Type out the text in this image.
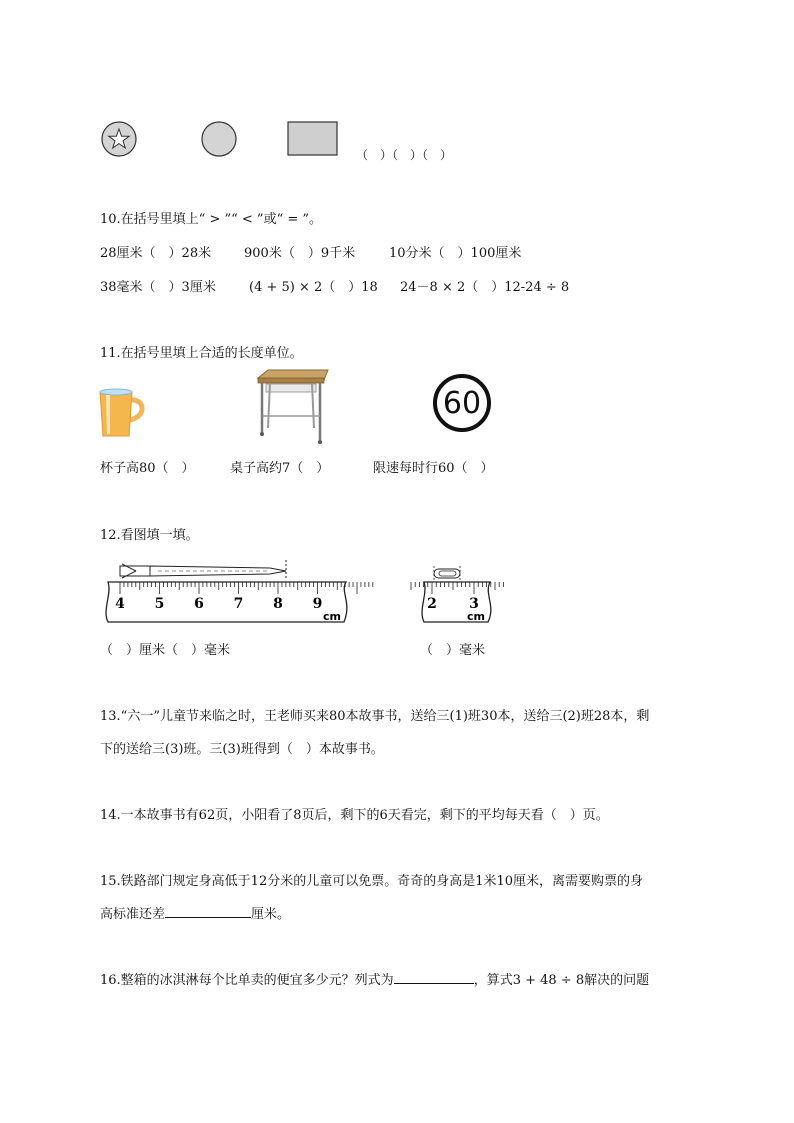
（　）（　）（　）
10.在括号里填上“ > ”“ < ”或“ = ”。
28厘米（　）28米	900米（　）9千米	10分米（　）100厘米
38毫米（　）3厘米	(4 + 5) × 2（　）18 24－8 × 2（　）12-24 ÷ 8
11.在括号里填上合适的长度单位。
60
杯子高80（　）	桌子高约7（　）	限速每时行60（　）
12.看图填一填。
4 5 6 7 8 9
cm
2 3
cm
（　）厘米（　）毫米	（　）毫米
13.“六一”儿童节来临之时，王老师买来80本故事书，送给三(1)班30本，送给三(2)班28本，剩
下的送给三(3)班。三(3)班得到（　）本故事书。
14.一本故事书有62页，小阳看了8页后，剩下的6天看完，剩下的平均每天看（　）页。
15.铁路部门规定身高低于12分米的儿童可以免票。奇奇的身高是1米10厘米，离需要购票的身
高标准还差	厘米。
16.整箱的冰淇淋每个比单卖的便宜多少元？列式为	，算式3 + 48 ÷ 8解决的问题
